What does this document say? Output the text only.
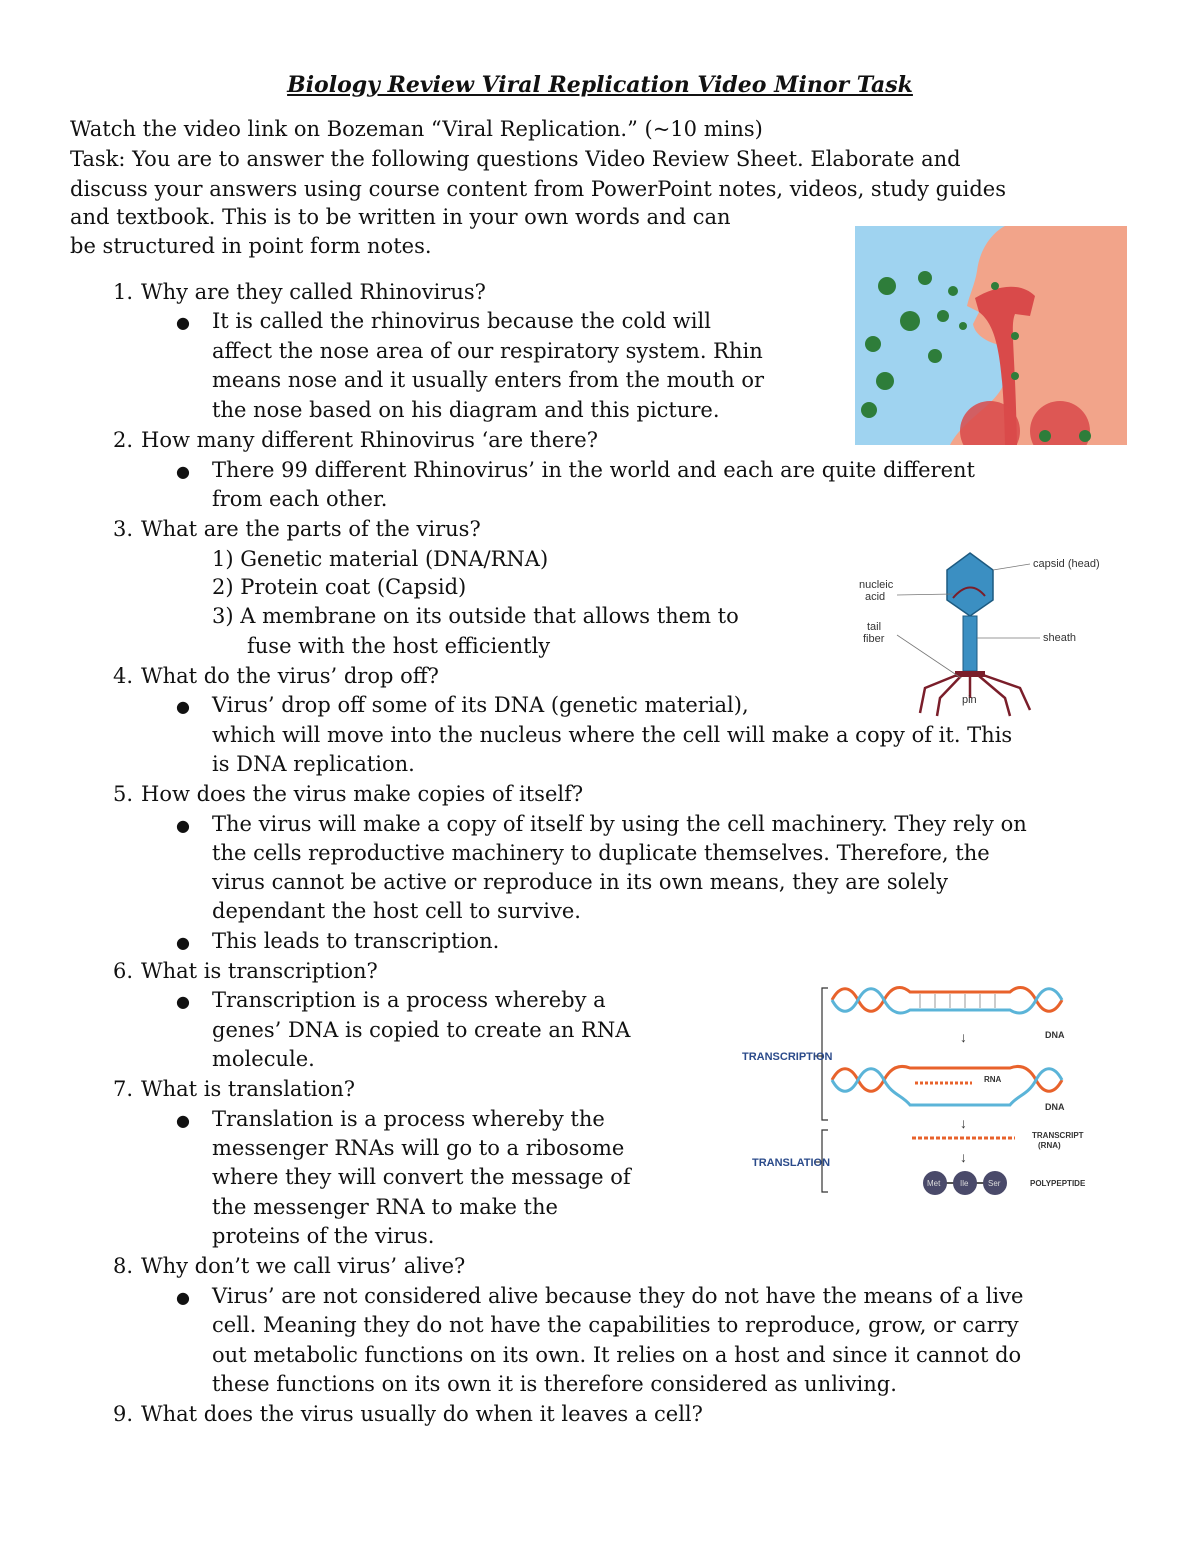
Biology Review Viral Replication Video Minor Task
Watch the video link on Bozeman “Viral Replication.” (~10 mins)
Task: You are to answer the following questions Video Review Sheet. Elaborate and
discuss your answers using course content from PowerPoint notes, videos, study guides
and textbook. This is to be written in your own words and can
be structured in point form notes.
1. Why are they called Rhinovirus?
● It is called the rhinovirus because the cold will
affect the nose area of our respiratory system. Rhin
means nose and it usually enters from the mouth or
the nose based on his diagram and this picture.
2. How many different Rhinovirus ‘are there?
● There 99 different Rhinovirus’ in the world and each are quite different
from each other.
3. What are the parts of the virus?
1) Genetic material (DNA/RNA)
2) Protein coat (Capsid)
3) A membrane on its outside that allows them to
fuse with the host efficiently
4. What do the virus’ drop off?
● Virus’ drop off some of its DNA (genetic material),
which will move into the nucleus where the cell will make a copy of it. This
is DNA replication.
5. How does the virus make copies of itself?
● The virus will make a copy of itself by using the cell machinery. They rely on
the cells reproductive machinery to duplicate themselves. Therefore, the
virus cannot be active or reproduce in its own means, they are solely
dependant the host cell to survive.
● This leads to transcription.
6. What is transcription?
● Transcription is a process whereby a
genes’ DNA is copied to create an RNA
molecule.
7. What is translation?
● Translation is a process whereby the
messenger RNAs will go to a ribosome
where they will convert the message of
the messenger RNA to make the
proteins of the virus.
8. Why don’t we call virus’ alive?
● Virus’ are not considered alive because they do not have the means of a live
cell. Meaning they do not have the capabilities to reproduce, grow, or carry
out metabolic functions on its own. It relies on a host and since it cannot do
these functions on its own it is therefore considered as unliving.
9. What does the virus usually do when it leaves a cell?
capsid (head)
nucleic
acid
tail
fiber	sheath
pin
TRANSCRIPTION
TRANSLATION
DNA
↓
RNA
DNA
↓
TRANSCRIPT
(RNA)
↓
Met Ile Ser	POLYPEPTIDE
